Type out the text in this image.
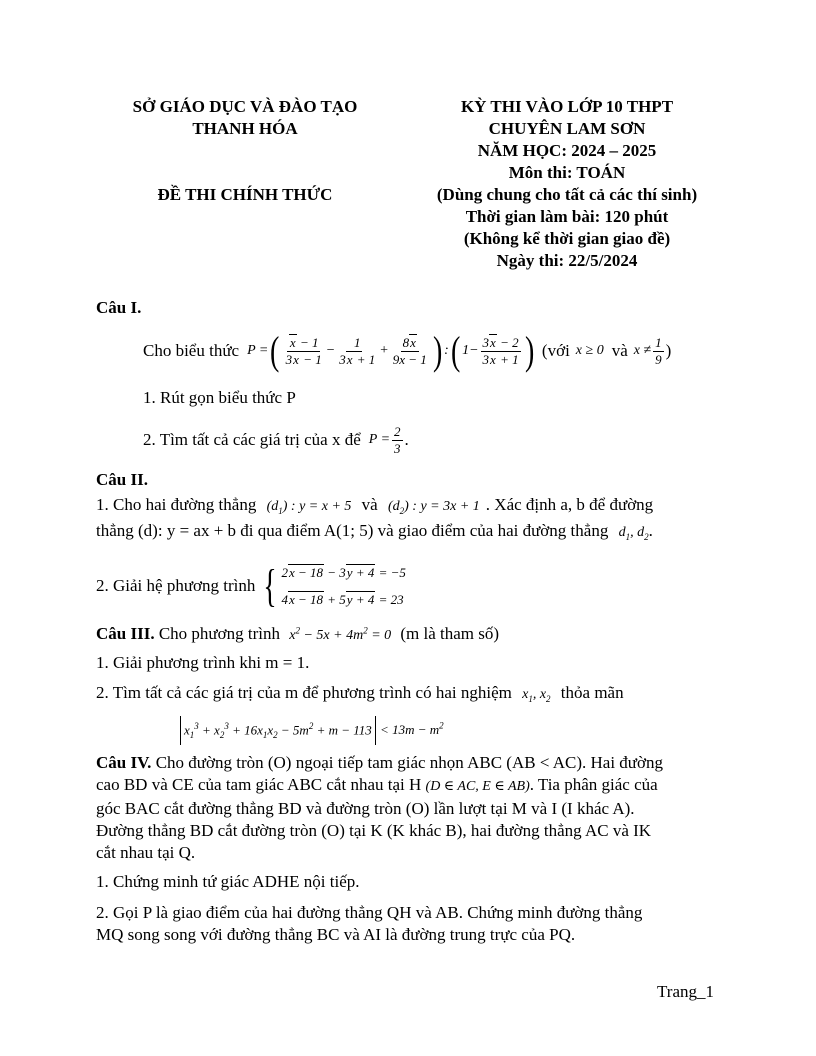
SỞ GIÁO DỤC VÀ ĐÀO TẠO
THANH HÓA
ĐỀ THI CHÍNH THỨC
KỲ THI VÀO LỚP 10 THPT
CHUYÊN LAM SƠN
NĂM HỌC: 2024 – 2025
Môn thi: TOÁN
(Dùng chung cho tất cả các thí sinh)
Thời gian làm bài: 120 phút
(Không kể thời gian giao đề)
Ngày thi: 22/5/2024
Câu I.
Cho biểu thức P = ( $\frac{x - 1}{3x - 1} - \frac{1}{3x + 1} + \frac{8x}{9x - 1}$ ) : ( $1- \frac{3x - 2}{3x + 1}$ ) (với x ≥ 0 và $x \ne \frac{1}{9}$ )
1. Rút gọn biểu thức P
2. Tìm tất cả các giá trị của x để $P = \frac{2}{3}$ .
Câu II.
1. Cho hai đường thẳng $(d_1)$ : y = x + 5 và $(d_2)$ : y = 3x + 1 . Xác định a, b để đường
thẳng (d): y = ax + b đi qua điểm A(1; 5) và giao điểm của hai đường thẳng $d_1$, $d_2$.
2. Giải hệ phương trình { 2x − 18 − 3y + 4 = −5
4x − 18 + 5y + 4 = 23
Câu III. Cho phương trình $x^2 - 5x + 4m^2 = 0$ (m là tham số)
1. Giải phương trình khi m = 1.
2. Tìm tất cả các giá trị của m để phương trình có hai nghiệm $x_1$, $x_2$ thỏa mãn
$x_1^3 + x_2^3 + 16x_1x_2 - 5m^2 + m - 113 < 13m - m^2$
Câu IV. Cho đường tròn (O) ngoại tiếp tam giác nhọn ABC (AB < AC). Hai đường
cao BD và CE của tam giác ABC cắt nhau tại H (D ∈ AC, E ∈ AB). Tia phân giác của
góc BAC cắt đường thẳng BD và đường tròn (O) lần lượt tại M và I (I khác A).
Đường thẳng BD cắt đường tròn (O) tại K (K khác B), hai đường thẳng AC và IK
cắt nhau tại Q.
1. Chứng minh tứ giác ADHE nội tiếp.
2. Gọi P là giao điểm của hai đường thẳng QH và AB. Chứng minh đường thẳng
MQ song song với đường thẳng BC và AI là đường trung trực của PQ.
Trang_1
